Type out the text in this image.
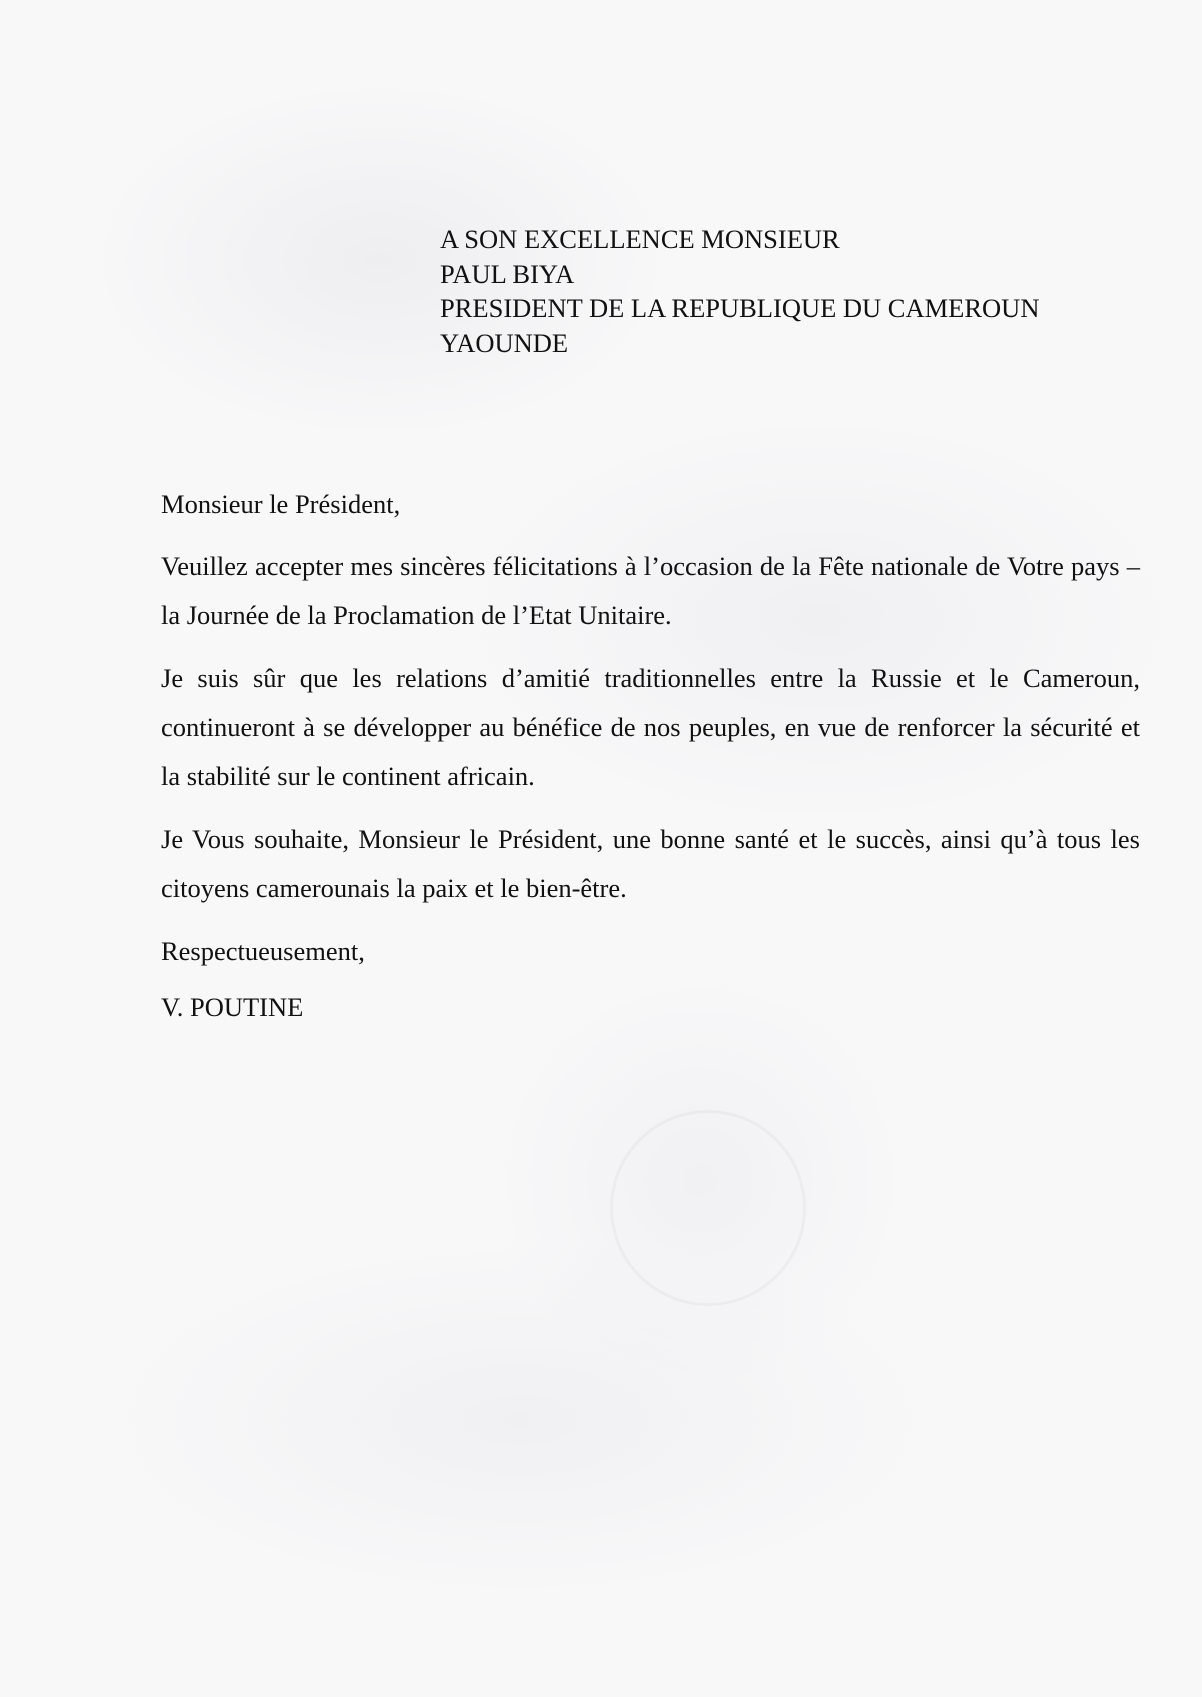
A SON EXCELLENCE MONSIEUR
PAUL BIYA
PRESIDENT DE LA REPUBLIQUE DU CAMEROUN
YAOUNDE

Monsieur le Président,

Veuillez accepter mes sincères félicitations à l’occasion de la Fête nationale de Votre pays – la Journée de la Proclamation de l’Etat Unitaire.

Je suis sûr que les relations d’amitié traditionnelles entre la Russie et le Cameroun, continueront à se développer au bénéfice de nos peuples, en vue de renforcer la sécurité et la stabilité sur le continent africain.

Je Vous souhaite, Monsieur le Président, une bonne santé et le succès, ainsi qu’à tous les citoyens camerounais la paix et le bien-être.

Respectueusement,

V. POUTINE
